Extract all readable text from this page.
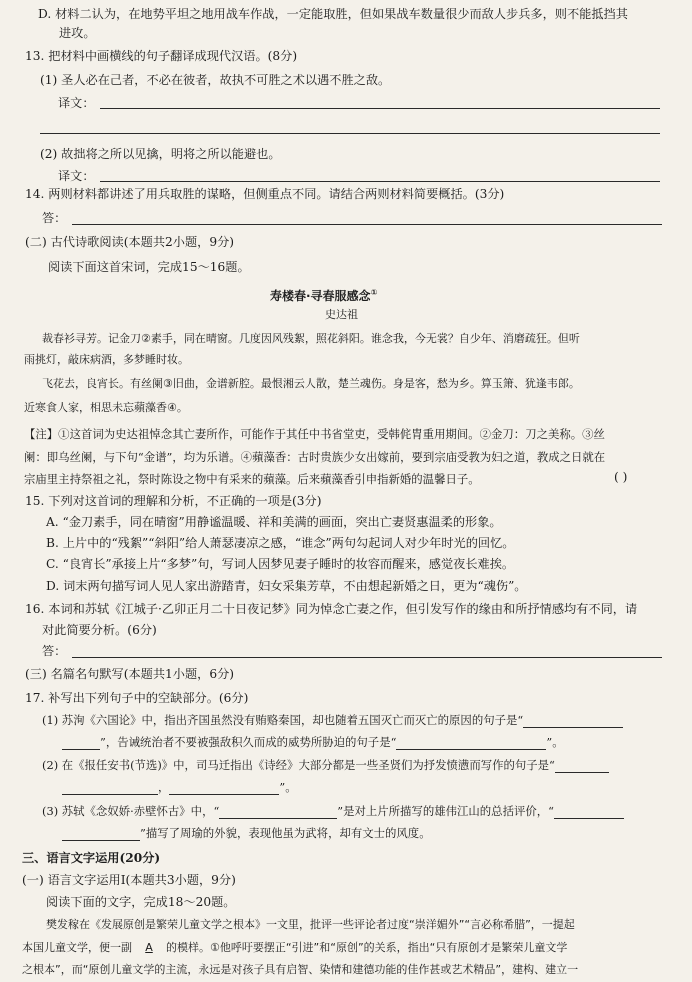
D. 材料二认为，在地势平坦之地用战车作战，一定能取胜，但如果战车数量很少而敌人步兵多，则不能抵挡其
进攻。
13. 把材料中画横线的句子翻译成现代汉语。(8分)
(1) 圣人必在己者，不必在彼者，故执不可胜之术以遇不胜之敌。
译文：
(2) 故拙将之所以见擒，明将之所以能避也。
译文：
14. 两则材料都讲述了用兵取胜的谋略，但侧重点不同。请结合两则材料简要概括。(3分)
答：
(二) 古代诗歌阅读(本题共2小题，9分)
阅读下面这首宋词，完成15～16题。
寿楼春·寻春服感念①
史达祖
裁春衫寻芳。记金刀②素手，同在晴窗。几度因风残絮，照花斜阳。谁念我，今无裳？自少年、消磨疏狂。但听
雨挑灯，敲床病酒，多梦睡时妆。
飞花去，良宵长。有丝阑③旧曲，金谱新腔。最恨湘云人散，楚兰魂伤。身是客，愁为乡。算玉箫、犹逢韦郎。
近寒食人家，相思未忘蘋藻香④。
【注】①这首词为史达祖悼念其亡妻所作，可能作于其任中书省堂吏，受韩侂胄重用期间。②金刀：刀之美称。③丝
阑：即乌丝阑，与下句“金谱”，均为乐谱。④蘋藻香：古时贵族少女出嫁前，要到宗庙受教为妇之道，教成之日就在
宗庙里主持祭祖之礼，祭时陈设之物中有采来的蘋藻。后来蘋藻香引申指新婚的温馨日子。	( )
15. 下列对这首词的理解和分析，不正确的一项是(3分)
A. “金刀素手，同在晴窗”用静谧温暖、祥和美满的画面，突出亡妻贤惠温柔的形象。
B. 上片中的“残絮”“斜阳”给人萧瑟凄凉之感，“谁念”两句勾起词人对少年时光的回忆。
C. “良宵长”承接上片“多梦”句，写词人因梦见妻子睡时的妆容而醒来，感觉夜长难挨。
D. 词末两句描写词人见人家出游踏青，妇女采集芳草，不由想起新婚之日，更为“魂伤”。
16. 本词和苏轼《江城子·乙卯正月二十日夜记梦》同为悼念亡妻之作，但引发写作的缘由和所抒情感均有不同，请
对此简要分析。(6分)
答：
(三) 名篇名句默写(本题共1小题，6分)
17. 补写出下列句子中的空缺部分。(6分)
(1) 苏洵《六国论》中，指出齐国虽然没有贿赂秦国，却也随着五国灭亡而灭亡的原因的句子是“
”，告诫统治者不要被强敌积久而成的威势所胁迫的句子是“	”。
(2) 在《报任安书(节选)》中，司马迁指出《诗经》大部分都是一些圣贤们为抒发愤懑而写作的句子是“
，	”。
(3) 苏轼《念奴娇·赤壁怀古》中，“	”是对上片所描写的雄伟江山的总括评价，“
”描写了周瑜的外貌，表现他虽为武将，却有文士的风度。
三、语言文字运用(20分)
(一) 语言文字运用Ⅰ(本题共3小题，9分)
阅读下面的文字，完成18～20题。
樊发稼在《发展原创是繁荣儿童文学之根本》一文里，批评一些评论者过度“崇洋媚外”“言必称希腊”，一提起
本国儿童文学，便一副 A 的模样。①他呼吁要摆正“引进”和“原创”的关系，指出“只有原创才是繁荣儿童文学
之根本”，而“原创儿童文学的主流，永远是对孩子具有启智、染情和建德功能的佳作甚或艺术精品”，建构、建立一
